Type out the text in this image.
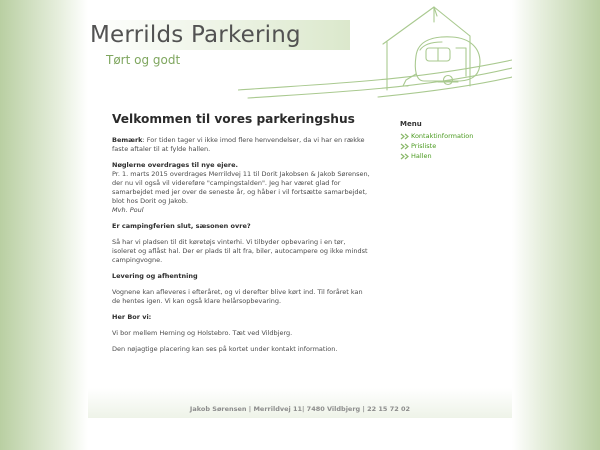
Merrilds Parkering
Tørt og godt
Velkommen til vores parkeringshus

Bemærk: For tiden tager vi ikke imod flere henvendelser, da vi har en række faste aftaler til at fylde hallen.

Nøglerne overdrages til nye ejere.
Pr. 1. marts 2015 overdrages Merrildvej 11 til Dorit Jakobsen & Jakob Sørensen, der nu vil også vil videreføre "campingstalden". Jeg har været glad for samarbejdet med jer over de seneste år, og håber i vil fortsætte samarbejdet, blot hos Dorit og Jakob.
Mvh. Poul

Er campingferien slut, sæsonen ovre?

Så har vi pladsen til dit køretøjs vinterhi. Vi tilbyder opbevaring i en tør, isoleret og aflåst hal. Der er plads til alt fra, biler, autocampere og ikke mindst campingvogne.

Levering og afhentning

Vognene kan afleveres i efteråret, og vi derefter blive kørt ind. Til foråret kan de hentes igen. Vi kan også klare helårsopbevaring.

Her Bor vi:

Vi bor mellem Herning og Holstebro. Tæt ved Vildbjerg.

Den nøjagtige placering kan ses på kortet under kontakt information.

Menu
Kontaktinformation
Prisliste
Hallen
Jakob Sørensen | Merrildvej 11| 7480 Vildbjerg | 22 15 72 02
